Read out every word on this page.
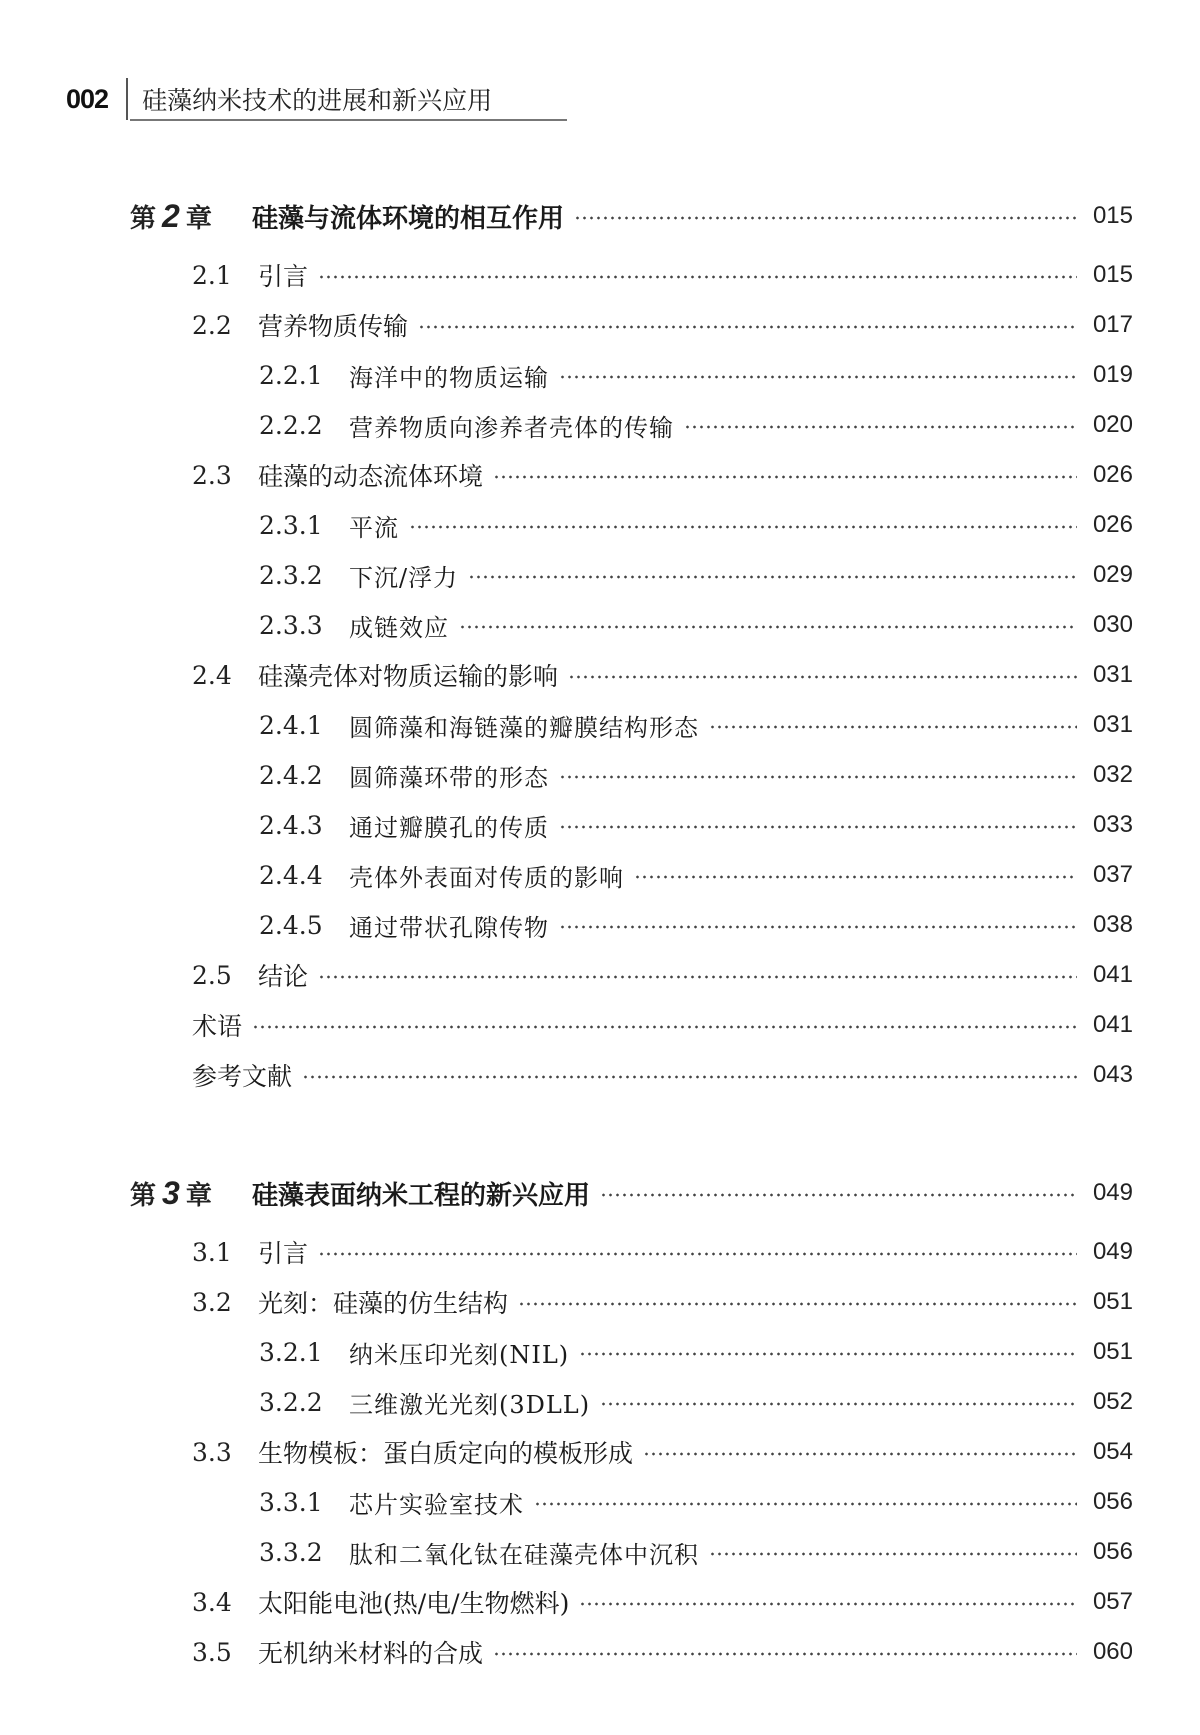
002 硅藻纳米技术的进展和新兴应用
第 2 章 硅藻与流体环境的相互作用	015
2.1	引言	015
2.2	营养物质传输	017
2.2.1	海洋中的物质运输	019
2.2.2	营养物质向渗养者壳体的传输	020
2.3	硅藻的动态流体环境	026
2.3.1	平流	026
2.3.2	下沉/浮力	029
2.3.3	成链效应	030
2.4	硅藻壳体对物质运输的影响	031
2.4.1	圆筛藻和海链藻的瓣膜结构形态	031
2.4.2	圆筛藻环带的形态	032
2.4.3	通过瓣膜孔的传质	033
2.4.4	壳体外表面对传质的影响	037
2.4.5	通过带状孔隙传物	038
2.5	结论	041
术语	041
参考文献	043
第 3 章 硅藻表面纳米工程的新兴应用	049
3.1	引言	049
3.2	光刻：硅藻的仿生结构	051
3.2.1	纳米压印光刻(NIL)	051
3.2.2	三维激光光刻(3DLL)	052
3.3	生物模板：蛋白质定向的模板形成	054
3.3.1	芯片实验室技术	056
3.3.2	肽和二氧化钛在硅藻壳体中沉积	056
3.4	太阳能电池(热/电/生物燃料)	057
3.5	无机纳米材料的合成	060
